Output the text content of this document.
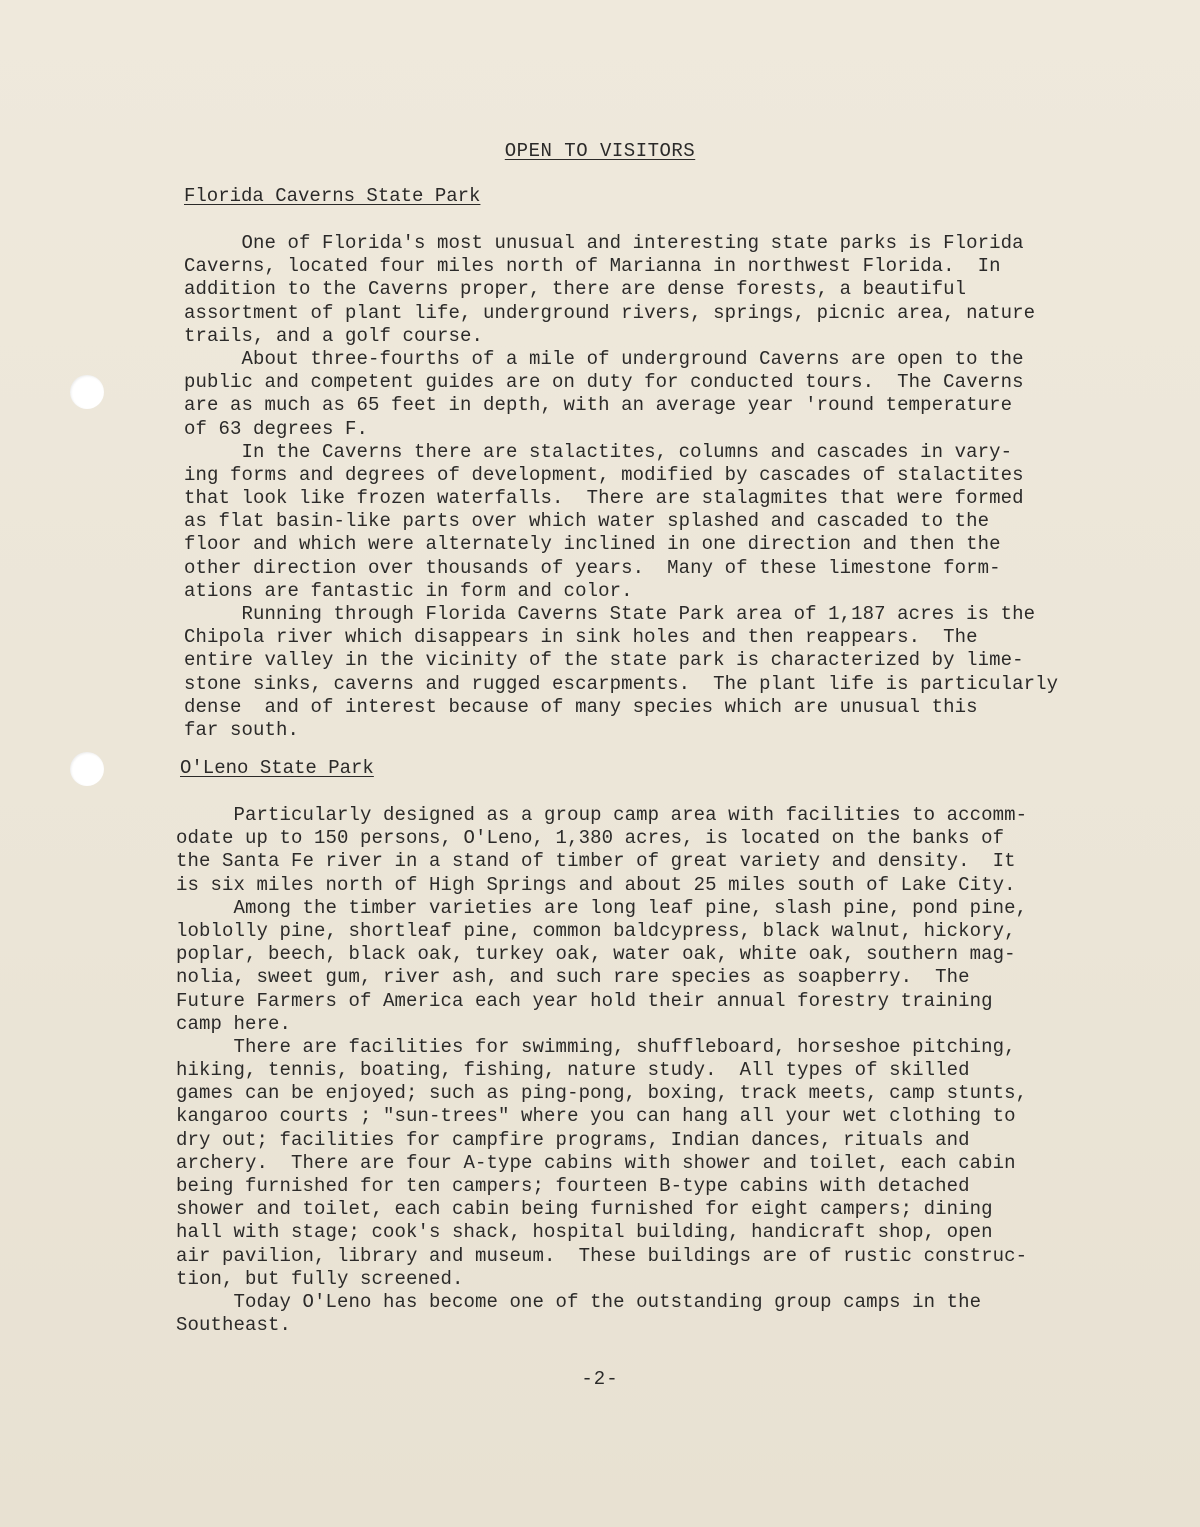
OPEN TO VISITORS
Florida Caverns State Park
One of Florida's most unusual and interesting state parks is Florida
Caverns, located four miles north of Marianna in northwest Florida.  In
addition to the Caverns proper, there are dense forests, a beautiful
assortment of plant life, underground rivers, springs, picnic area, nature
trails, and a golf course.
About three-fourths of a mile of underground Caverns are open to the
public and competent guides are on duty for conducted tours.  The Caverns
are as much as 65 feet in depth, with an average year 'round temperature
of 63 degrees F.
In the Caverns there are stalactites, columns and cascades in vary-
ing forms and degrees of development, modified by cascades of stalactites
that look like frozen waterfalls.  There are stalagmites that were formed
as flat basin-like parts over which water splashed and cascaded to the
floor and which were alternately inclined in one direction and then the
other direction over thousands of years.  Many of these limestone form-
ations are fantastic in form and color.
Running through Florida Caverns State Park area of 1,187 acres is the
Chipola river which disappears in sink holes and then reappears.  The
entire valley in the vicinity of the state park is characterized by lime-
stone sinks, caverns and rugged escarpments.  The plant life is particularly
dense  and of interest because of many species which are unusual this
far south.
O'Leno State Park
Particularly designed as a group camp area with facilities to accomm-
odate up to 150 persons, O'Leno, 1,380 acres, is located on the banks of
the Santa Fe river in a stand of timber of great variety and density.  It
is six miles north of High Springs and about 25 miles south of Lake City.
Among the timber varieties are long leaf pine, slash pine, pond pine,
loblolly pine, shortleaf pine, common baldcypress, black walnut, hickory,
poplar, beech, black oak, turkey oak, water oak, white oak, southern mag-
nolia, sweet gum, river ash, and such rare species as soapberry.  The
Future Farmers of America each year hold their annual forestry training
camp here.
There are facilities for swimming, shuffleboard, horseshoe pitching,
hiking, tennis, boating, fishing, nature study.  All types of skilled
games can be enjoyed; such as ping-pong, boxing, track meets, camp stunts,
kangaroo courts ; "sun-trees" where you can hang all your wet clothing to
dry out; facilities for campfire programs, Indian dances, rituals and
archery.  There are four A-type cabins with shower and toilet, each cabin
being furnished for ten campers; fourteen B-type cabins with detached
shower and toilet, each cabin being furnished for eight campers; dining
hall with stage; cook's shack, hospital building, handicraft shop, open
air pavilion, library and museum.  These buildings are of rustic construc-
tion, but fully screened.
Today O'Leno has become one of the outstanding group camps in the
Southeast.
-2-
